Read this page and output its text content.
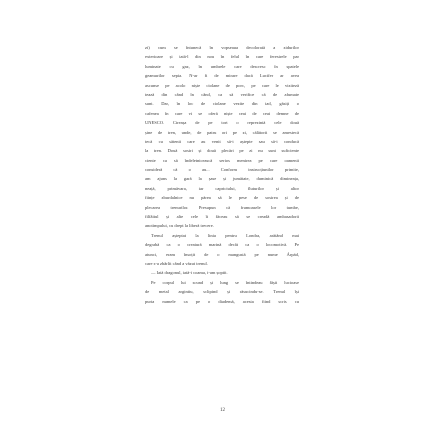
zi) cum se întunecă în vopseaua decolorată a zidurilor
exterioare și iată-l din nou în felul în care ferestrele par
luminate cu gaz, în umbrele care descresc în spatele
geamurilor sepia. N-ar fi de mirare dacă Lucifer ar avea
ascunse pe acolo niște ciolane de porc, pe care le viziteză
tează din când în când, ca să verifice că de afumate
sunt. Dar, în loc de ciolane vezite din iad, găsiți o
cafenea în care vi se oferă niște ceai de ceai demne de
UNESCO. Cireașa de pe tort o reprezintă cele două
șine de tren, unde, de patru ori pe zi, călătorii se amestecă
tecă cu sătenii care au venit să-i aștepte sau să-i conducă
la tren. Două sosiri și două plecări pe zi nu sunt suficiente
ciente ca să îndeletnicească serios menirea pe care oamenii
consideră că o au... Conform instrucțiunilor primite,
am ajuns la gară la șase și jumătate, duminică dimineața,
neață, primăvara, iar capriciului, fluturilor și altor
ființe zburdalnice nu părea să le pese de sosirea și de
plecarea trenurilor. Presupun că frumoasele lor tumbe,
filfâitul și alte cele îi făceau să se creadă ambasadorii
anotimpului, cu drept la liberă trecere.
Trenul așteptat la linia pentru Londra, arătând mai
degrabă ca o creatură marină decât ca o locomotivă. Pe
atunci, eram însoțit de o mangustă pe nume Árpád,
care s-a zbârlit când a văzut trenul.
— Iată dragonul, iată-i coama, i-am șoptit.
Pe corpul lui scund și lung se întindeau fâșii lucioase
de metal argintiu, sclipind și răsucindu-se. Trenul își
purta numele ca pe o diademă, acesta fiind scris cu
12
